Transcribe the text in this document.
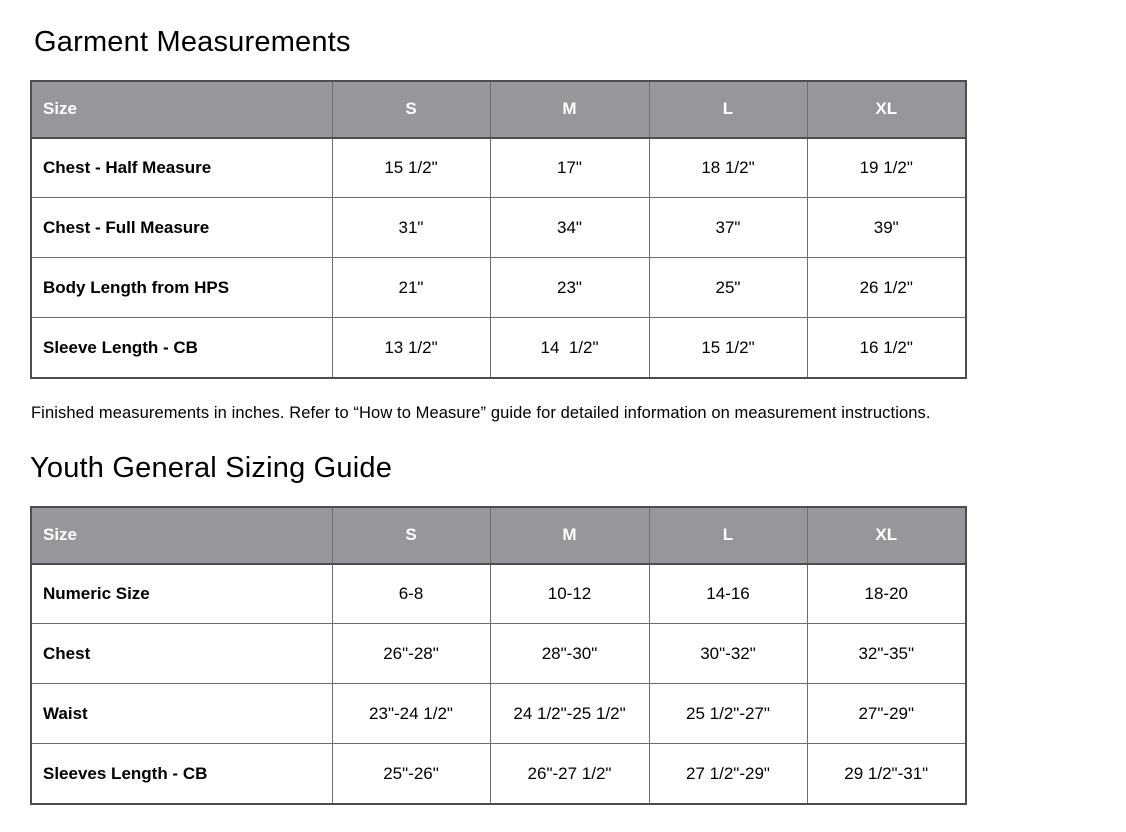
Garment Measurements
Size	S	M	L	XL
Chest - Half Measure	15 1/2"	17"	18 1/2"	19 1/2"
Chest - Full Measure	31"	34"	37"	39"
Body Length from HPS	21"	23"	25"	26 1/2"
Sleeve Length - CB	13 1/2"	14  1/2"	15 1/2"	16 1/2"

Finished measurements in inches. Refer to “How to Measure” guide for detailed information on measurement instructions.

Youth General Sizing Guide
Size	S	M	L	XL
Numeric Size	6-8	10-12	14-16	18-20
Chest	26"-28"	28"-30"	30"-32"	32"-35"
Waist	23"-24 1/2"	24 1/2"-25 1/2"	25 1/2"-27"	27"-29"
Sleeves Length - CB	25"-26"	26"-27 1/2"	27 1/2"-29"	29 1/2"-31"
